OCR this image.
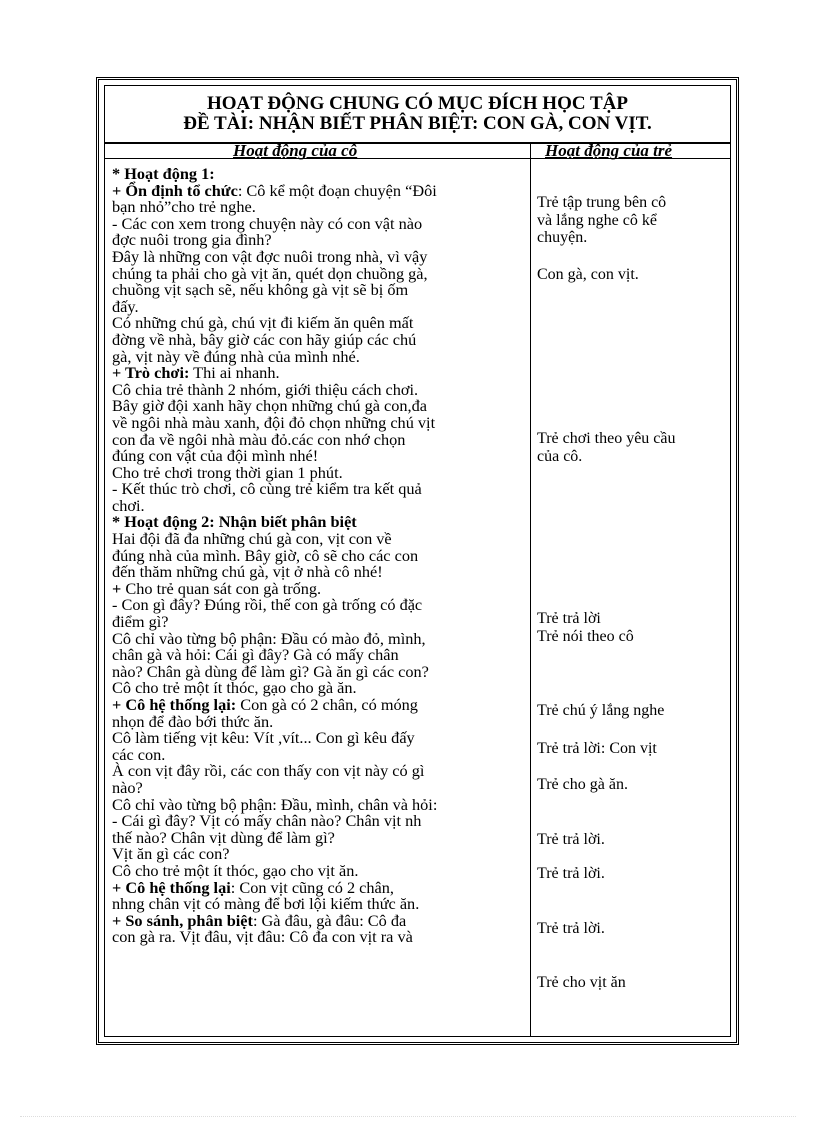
HOẠT ĐỘNG CHUNG CÓ MỤC ĐÍCH HỌC TẬP
ĐỀ TÀI: NHẬN BIẾT PHÂN BIỆT: CON GÀ, CON VỊT.
Hoạt động của cô	Hoạt động của trẻ

* Hoạt động 1:

+ Ổn định tổ chức: Cô kể một đoạn chuyện “Đôi

bạn nhỏ”cho trẻ nghe.

- Các con xem trong chuyện này có con vật nào

đợc nuôi trong gia đình?

Đây là những con vật đợc nuôi trong nhà, vì vậy

chúng ta phải cho gà vịt ăn, quét dọn chuồng gà,

chuồng vịt sạch sẽ, nếu không gà vịt sẽ bị ốm

đấy.

Có những chú gà, chú vịt đi kiếm ăn quên mất

đờng về nhà, bây giờ các con hãy giúp các chú

gà, vịt này về đúng nhà của mình nhé.

+ Trò chơi: Thi ai nhanh.

Cô chia trẻ thành 2 nhóm, giới thiệu cách chơi.

Bây giờ đội xanh hãy chọn những chú gà con,đa

về ngôi nhà màu xanh, đội đỏ chọn những chú vịt

con đa về ngôi nhà màu đỏ.các con nhớ chọn

đúng con vật của đội mình nhé!

Cho trẻ chơi trong thời gian 1 phút.

- Kết thúc trò chơi, cô cùng trẻ kiểm tra kết quả

chơi.

* Hoạt động 2: Nhận biết phân biệt

Hai đội đã đa những chú gà con, vịt con về

đúng nhà của mình. Bây giờ, cô sẽ cho các con

đến thăm những chú gà, vịt ở nhà cô nhé!

+ Cho trẻ quan sát con gà trống.

- Con gì đây? Đúng rồi, thế con gà trống có đặc

điểm gì?

Cô chỉ vào từng bộ phận: Đầu có mào đỏ, mình,

chân gà và hỏi: Cái gì đây? Gà có mấy chân

nào? Chân gà dùng để làm gì? Gà ăn gì các con?

Cô cho trẻ một ít thóc, gạo cho gà ăn.

+ Cô hệ thống lại: Con gà có 2 chân, có móng

nhọn để đào bới thức ăn.

Cô làm tiếng vịt kêu: Vít ,vít... Con gì kêu đấy

các con.

À con vịt đây rồi, các con thấy con vịt này có gì

nào?

Cô chỉ vào từng bộ phận: Đầu, mình, chân và hỏi:

- Cái gì đây? Vịt có mấy chân nào? Chân vịt nh

thế nào? Chân vịt dùng để làm gì?

Vịt ăn gì các con?

Cô cho trẻ một ít thóc, gạo cho vịt ăn.

+ Cô hệ thống lại: Con vịt cũng có 2 chân,

nhng chân vịt có màng để bơi lội kiếm thức ăn.

+ So sánh, phân biệt: Gà đâu, gà đâu: Cô đa

con gà ra. Vịt đâu, vịt đâu: Cô đa con vịt ra và

Trẻ tập trung bên cô

và lắng nghe cô kể

chuyện.

Con gà, con vịt.

Trẻ chơi theo yêu cầu

của cô.

Trẻ trả lời

Trẻ nói theo cô

Trẻ chú ý lắng nghe

Trẻ trả lời: Con vịt

Trẻ cho gà ăn.

Trẻ trả lời.

Trẻ trả lời.

Trẻ trả lời.

Trẻ cho vịt ăn
